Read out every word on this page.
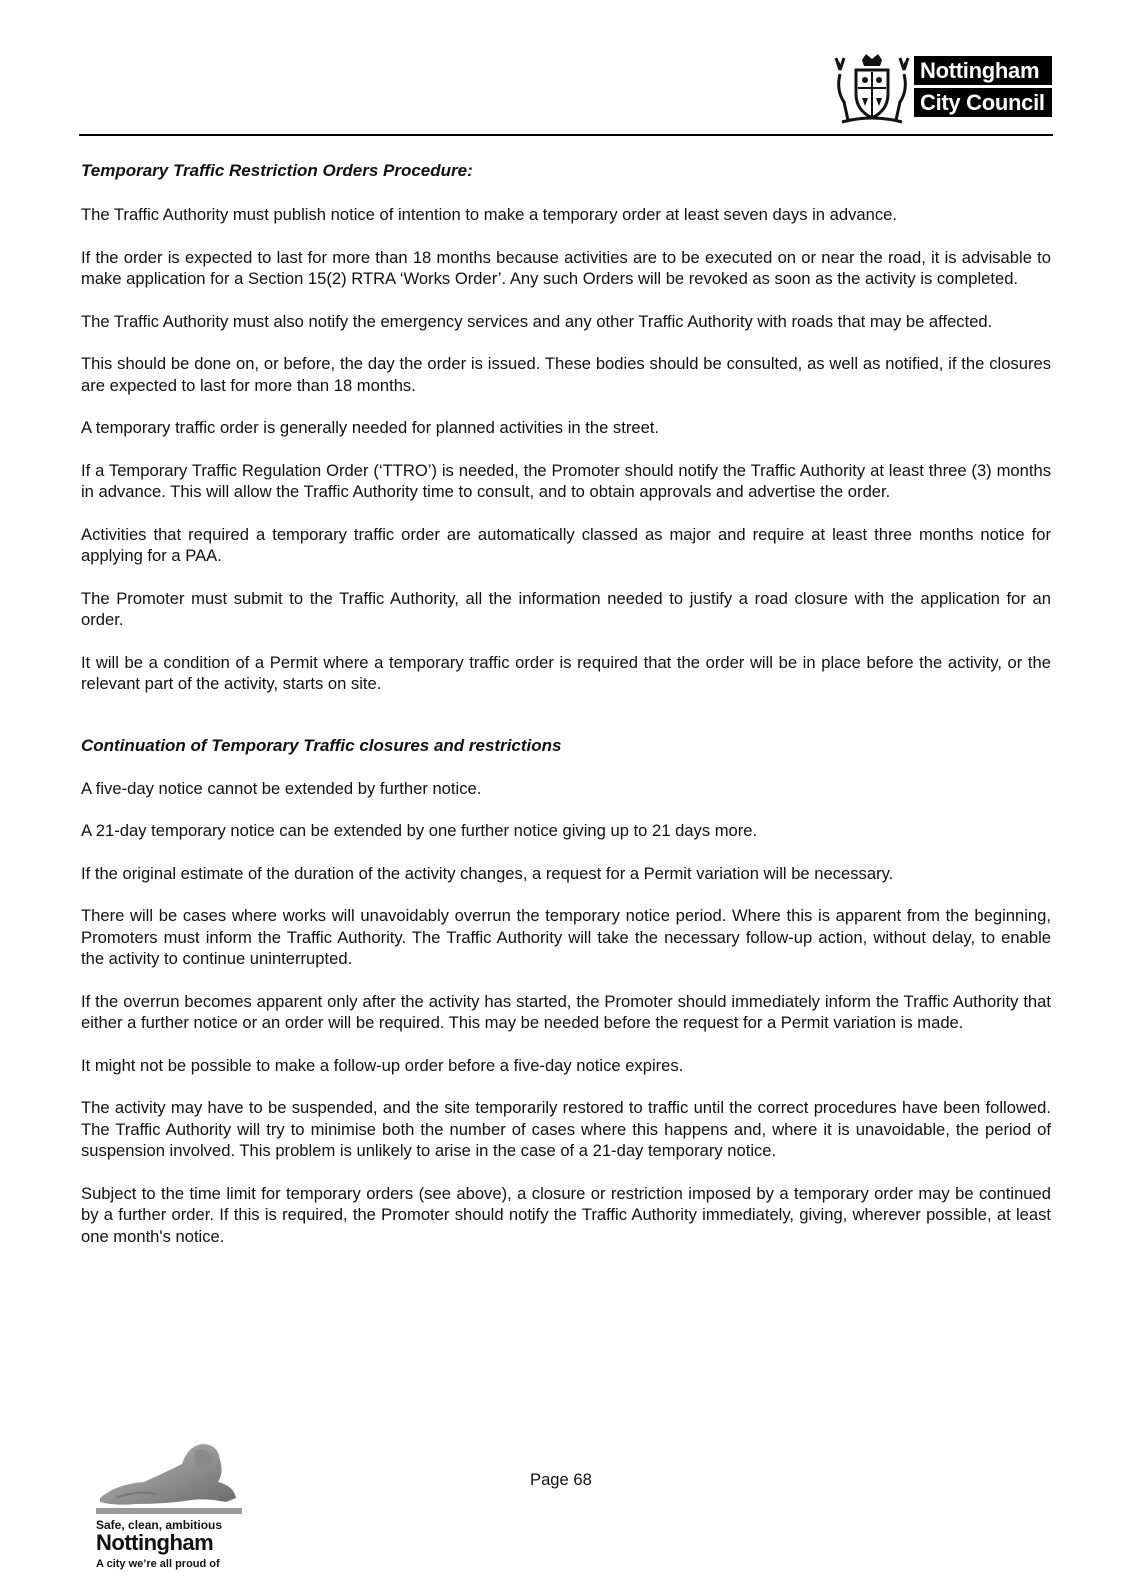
Nottingham
City Council
Temporary Traffic Restriction Orders Procedure:

The Traffic Authority must publish notice of intention to make a temporary order at least seven days in advance.

If the order is expected to last for more than 18 months because activities are to be executed on or near the road, it is advisable to make application for a Section 15(2) RTRA ‘Works Order’. Any such Orders will be revoked as soon as the activity is completed.

The Traffic Authority must also notify the emergency services and any other Traffic Authority with roads that may be affected.

This should be done on, or before, the day the order is issued. These bodies should be consulted, as well as notified, if the closures are expected to last for more than 18 months.

A temporary traffic order is generally needed for planned activities in the street.

If a Temporary Traffic Regulation Order (‘TTRO’) is needed, the Promoter should notify the Traffic Authority at least three (3) months in advance. This will allow the Traffic Authority time to consult, and to obtain approvals and advertise the order.

Activities that required a temporary traffic order are automatically classed as major and require at least three months notice for applying for a PAA.

The Promoter must submit to the Traffic Authority, all the information needed to justify a road closure with the application for an order.

It will be a condition of a Permit where a temporary traffic order is required that the order will be in place before the activity, or the relevant part of the activity, starts on site.

Continuation of Temporary Traffic closures and restrictions

A five-day notice cannot be extended by further notice.

A 21-day temporary notice can be extended by one further notice giving up to 21 days more.

If the original estimate of the duration of the activity changes, a request for a Permit variation will be necessary.

There will be cases where works will unavoidably overrun the temporary notice period. Where this is apparent from the beginning, Promoters must inform the Traffic Authority. The Traffic Authority will take the necessary follow-up action, without delay, to enable the activity to continue uninterrupted.

If the overrun becomes apparent only after the activity has started, the Promoter should immediately inform the Traffic Authority that either a further notice or an order will be required. This may be needed before the request for a Permit variation is made.

It might not be possible to make a follow-up order before a five-day notice expires.

The activity may have to be suspended, and the site temporarily restored to traffic until the correct procedures have been followed. The Traffic Authority will try to minimise both the number of cases where this happens and, where it is unavoidable, the period of suspension involved. This problem is unlikely to arise in the case of a 21-day temporary notice.

Subject to the time limit for temporary orders (see above), a closure or restriction imposed by a temporary order may be continued by a further order. If this is required, the Promoter should notify the Traffic Authority immediately, giving, wherever possible, at least one month's notice.

Page 68
Safe, clean, ambitious
Nottingham
A city we’re all proud of
